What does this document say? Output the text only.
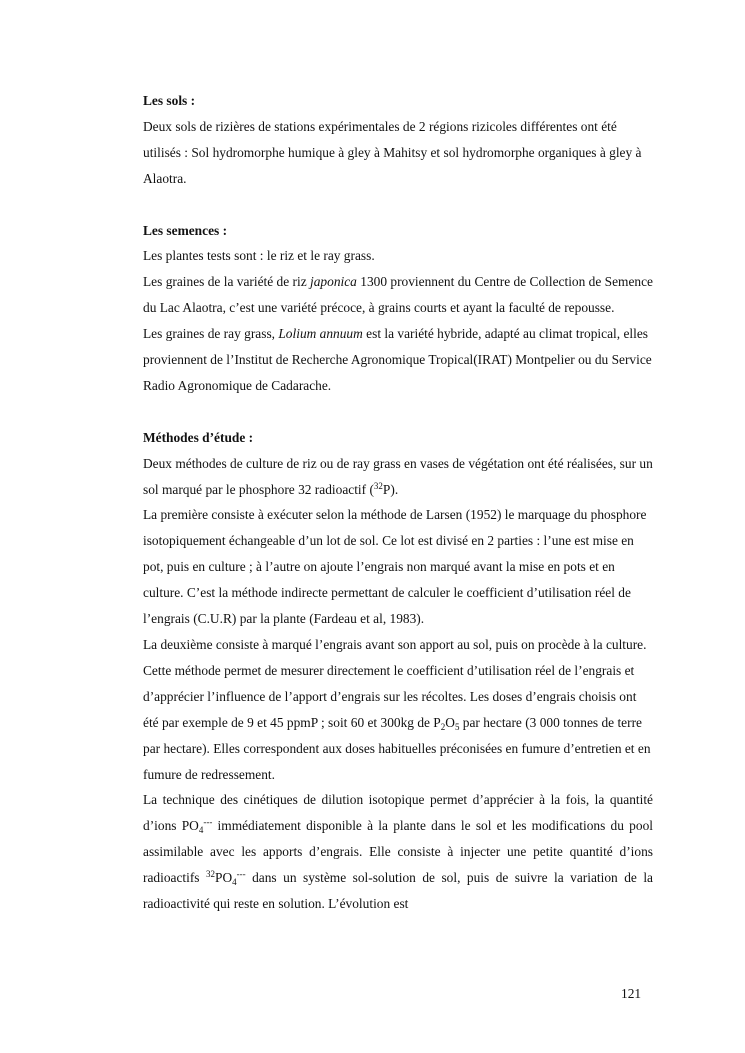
Les sols :

Deux sols de rizières de stations expérimentales de 2 régions rizicoles différentes ont été utilisés : Sol hydromorphe humique à gley à Mahitsy et sol hydromorphe organiques à gley à Alaotra.

Les semences :

Les plantes tests sont : le riz et le ray grass.

Les graines de la variété de riz japonica 1300 proviennent du Centre de Collection de Semence du Lac Alaotra, c’est une variété précoce, à grains courts et ayant la faculté de repousse.

Les graines de ray grass, Lolium annuum est la variété hybride, adapté au climat tropical, elles proviennent de l’Institut de Recherche Agronomique Tropical(IRAT) Montpelier ou du Service Radio Agronomique de Cadarache.

Méthodes d’étude :

Deux méthodes de culture de riz ou de ray grass en vases de végétation ont été réalisées, sur un sol marqué par le phosphore 32 radioactif ($^{32}$P).

La première consiste à exécuter selon la méthode de Larsen (1952) le marquage du phosphore isotopiquement échangeable d’un lot de sol. Ce lot est divisé en 2 parties : l’une est mise en pot, puis en culture ; à l’autre on ajoute l’engrais non marqué avant la mise en pots et en culture. C’est la méthode indirecte permettant de calculer le coefficient d’utilisation réel de l’engrais (C.U.R) par la plante (Fardeau et al, 1983).

La deuxième consiste à marqué l’engrais avant son apport au sol, puis on procède à la culture. Cette méthode permet de mesurer directement le coefficient d’utilisation réel de l’engrais et d’apprécier l’influence de l’apport d’engrais sur les récoltes. Les doses d’engrais choisis ont été par exemple de 9 et 45 ppmP ; soit 60 et 300kg de $P_2O_5$ par hectare (3 000 tonnes de terre par hectare). Elles correspondent aux doses habituelles préconisées en fumure d’entretien et en fumure de redressement.

La technique des cinétiques de dilution isotopique permet d’apprécier à la fois, la quantité d’ions $PO_4^{---}$ immédiatement disponible à la plante dans le sol et les modifications du pool assimilable avec les apports d’engrais. Elle consiste à injecter une petite quantité d’ions radioactifs $^{32}PO_4^{---}$ dans un système sol-solution de sol, puis de suivre la variation de la radioactivité qui reste en solution. L’évolution est

121
